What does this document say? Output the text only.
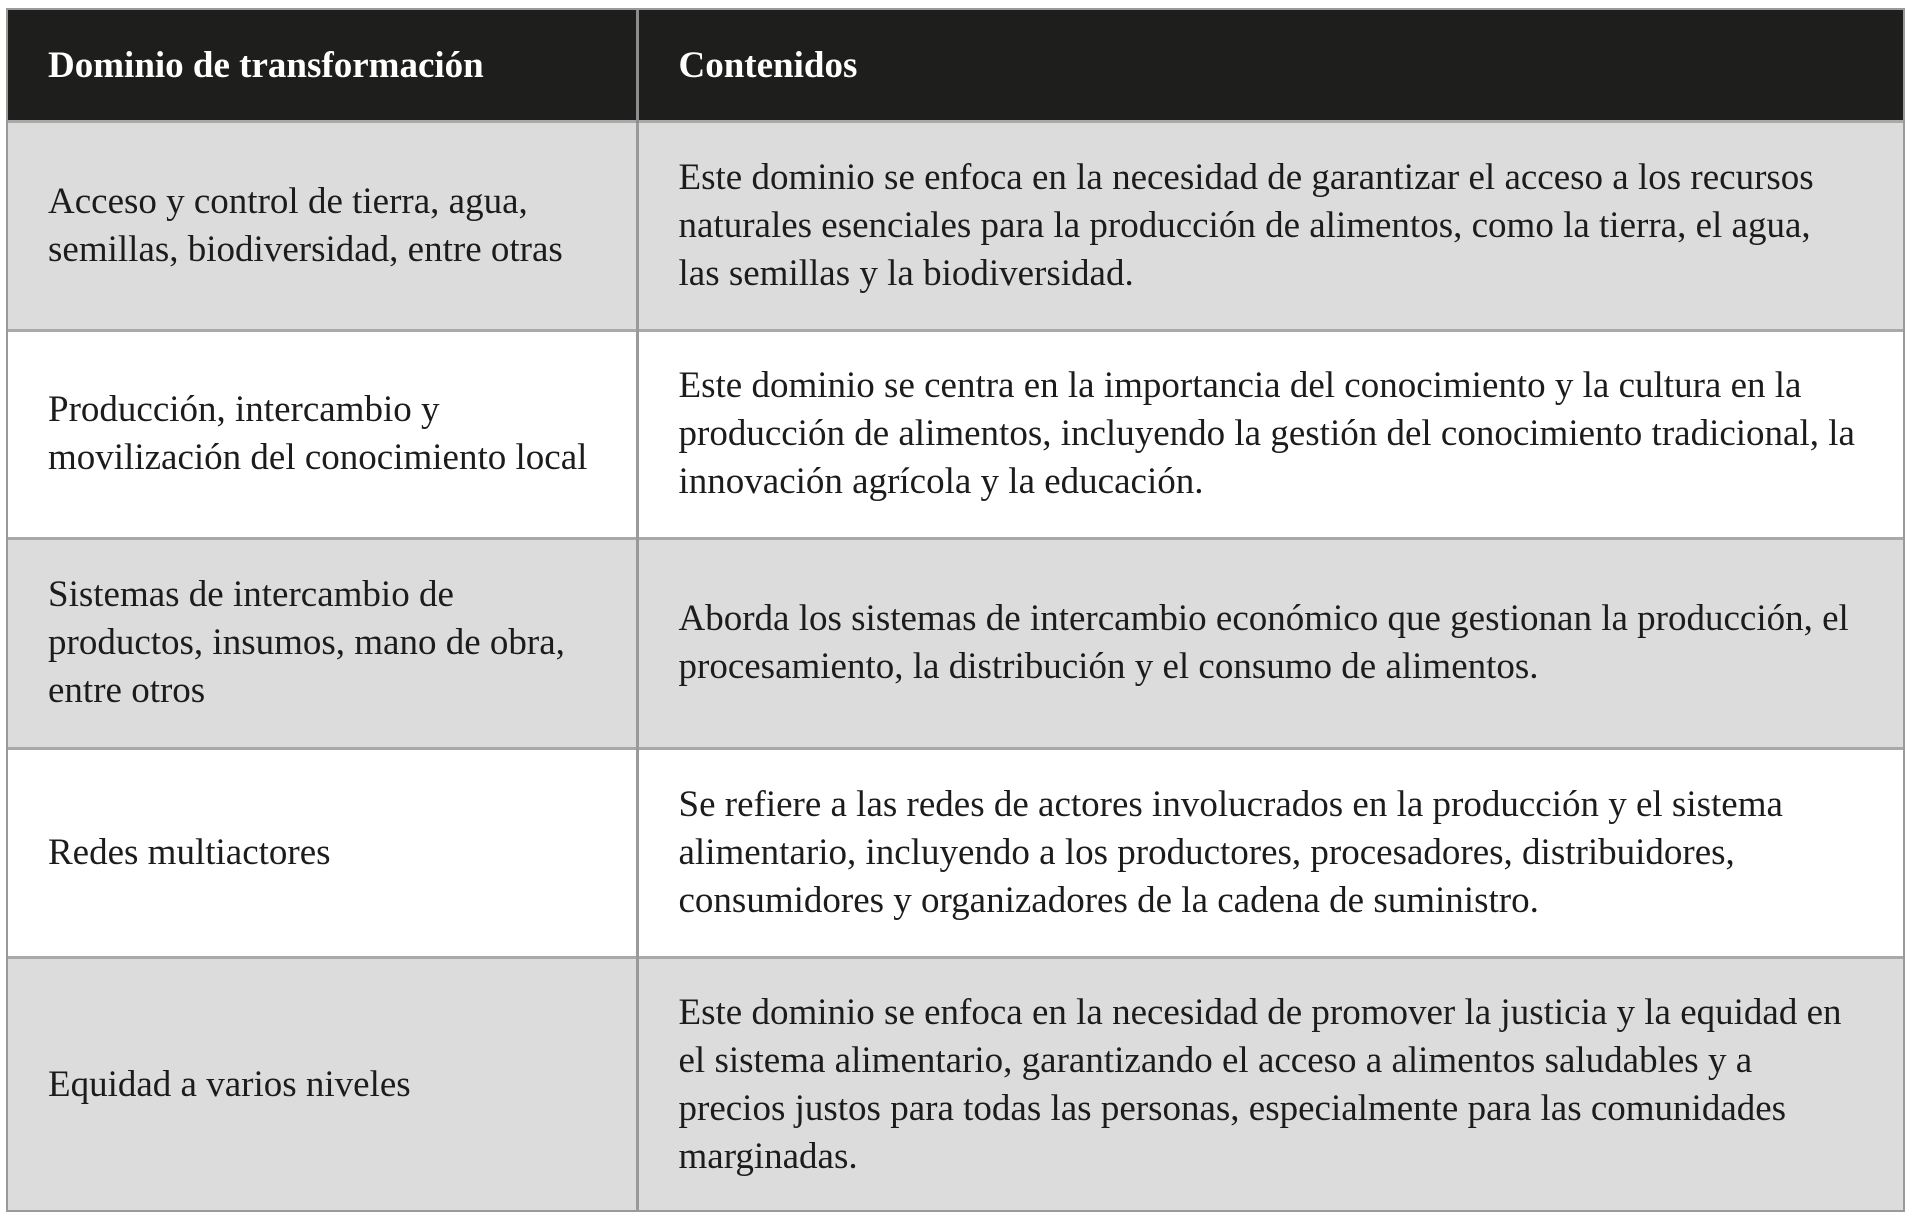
Dominio de transformación	Contenidos
Acceso y control de tierra, agua, semillas, biodiversidad, entre otras	Este dominio se enfoca en la necesidad de garantizar el acceso a los recursos naturales esenciales para la producción de alimentos, como la tierra, el agua, las semillas y la biodiversidad.
Producción, intercambio y movilización del conocimiento local	Este dominio se centra en la importancia del conocimiento y la cultura en la producción de alimentos, incluyendo la gestión del conocimiento tradicional, la innovación agrícola y la educación.
Sistemas de intercambio de productos, insumos, mano de obra, entre otros	Aborda los sistemas de intercambio económico que gestionan la producción, el procesamiento, la distribución y el consumo de alimentos.
Redes multiactores	Se refiere a las redes de actores involucrados en la producción y el sistema alimentario, incluyendo a los productores, procesadores, distribuidores, consumidores y organizadores de la cadena de suministro.
Equidad a varios niveles	Este dominio se enfoca en la necesidad de promover la justicia y la equidad en el sistema alimentario, garantizando el acceso a alimentos saludables y a precios justos para todas las personas, especialmente para las comunidades marginadas.
